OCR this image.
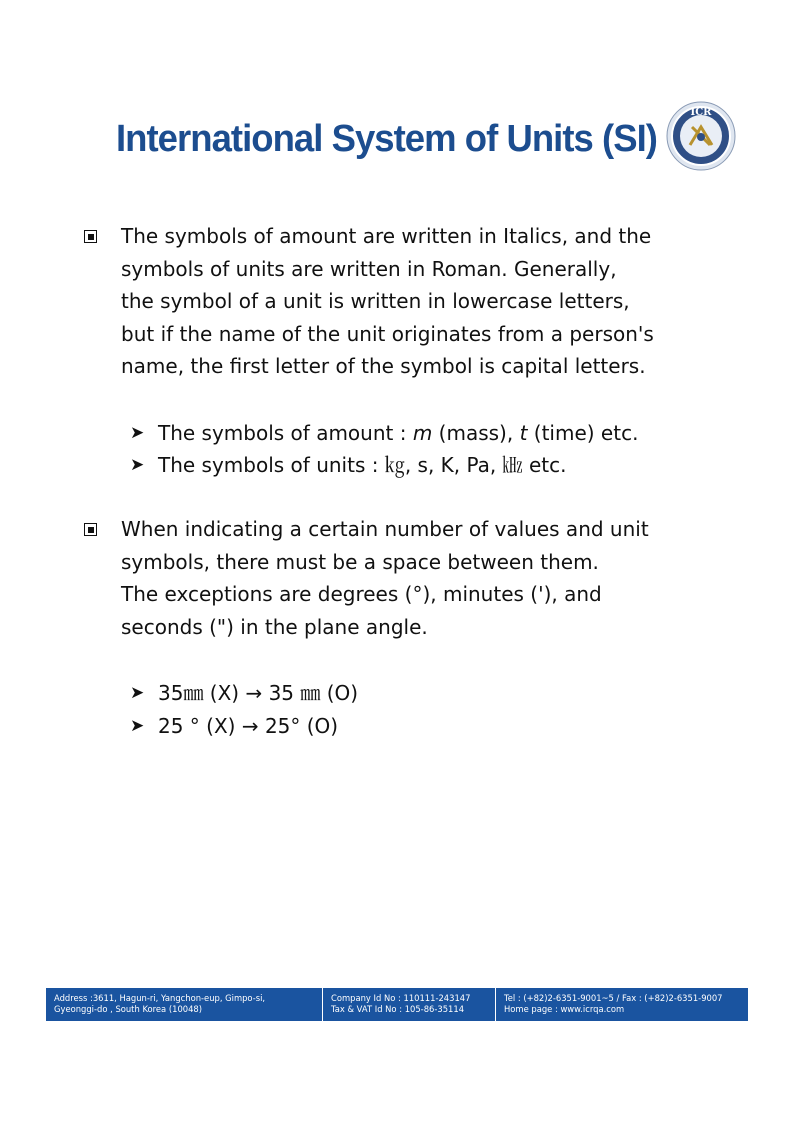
International System of Units (SI)
ICR
The symbols of amount are written in Italics, and the
symbols of units are written in Roman. Generally,
the symbol of a unit is written in lowercase letters,
but if the name of the unit originates from a person's
name, the first letter of the symbol is capital letters.
➤ The symbols of amount : m (mass), t (time) etc.
➤ The symbols of units : ㎏, s, K, Pa, ㎑ etc.
When indicating a certain number of values and unit
symbols, there must be a space between them.
The exceptions are degrees (°), minutes ('), and
seconds (") in the plane angle.
➤ 35㎜ (X) → 35 ㎜ (O)
➤ 25 ° (X) → 25° (O)
Address :3611, Hagun-ri, Yangchon-eup, Gimpo-si,
Gyeonggi-do , South Korea (10048)
Company Id No : 110111-243147
Tax & VAT Id No : 105-86-35114
Tel : (+82)2-6351-9001~5 / Fax : (+82)2-6351-9007
Home page : www.icrqa.com
